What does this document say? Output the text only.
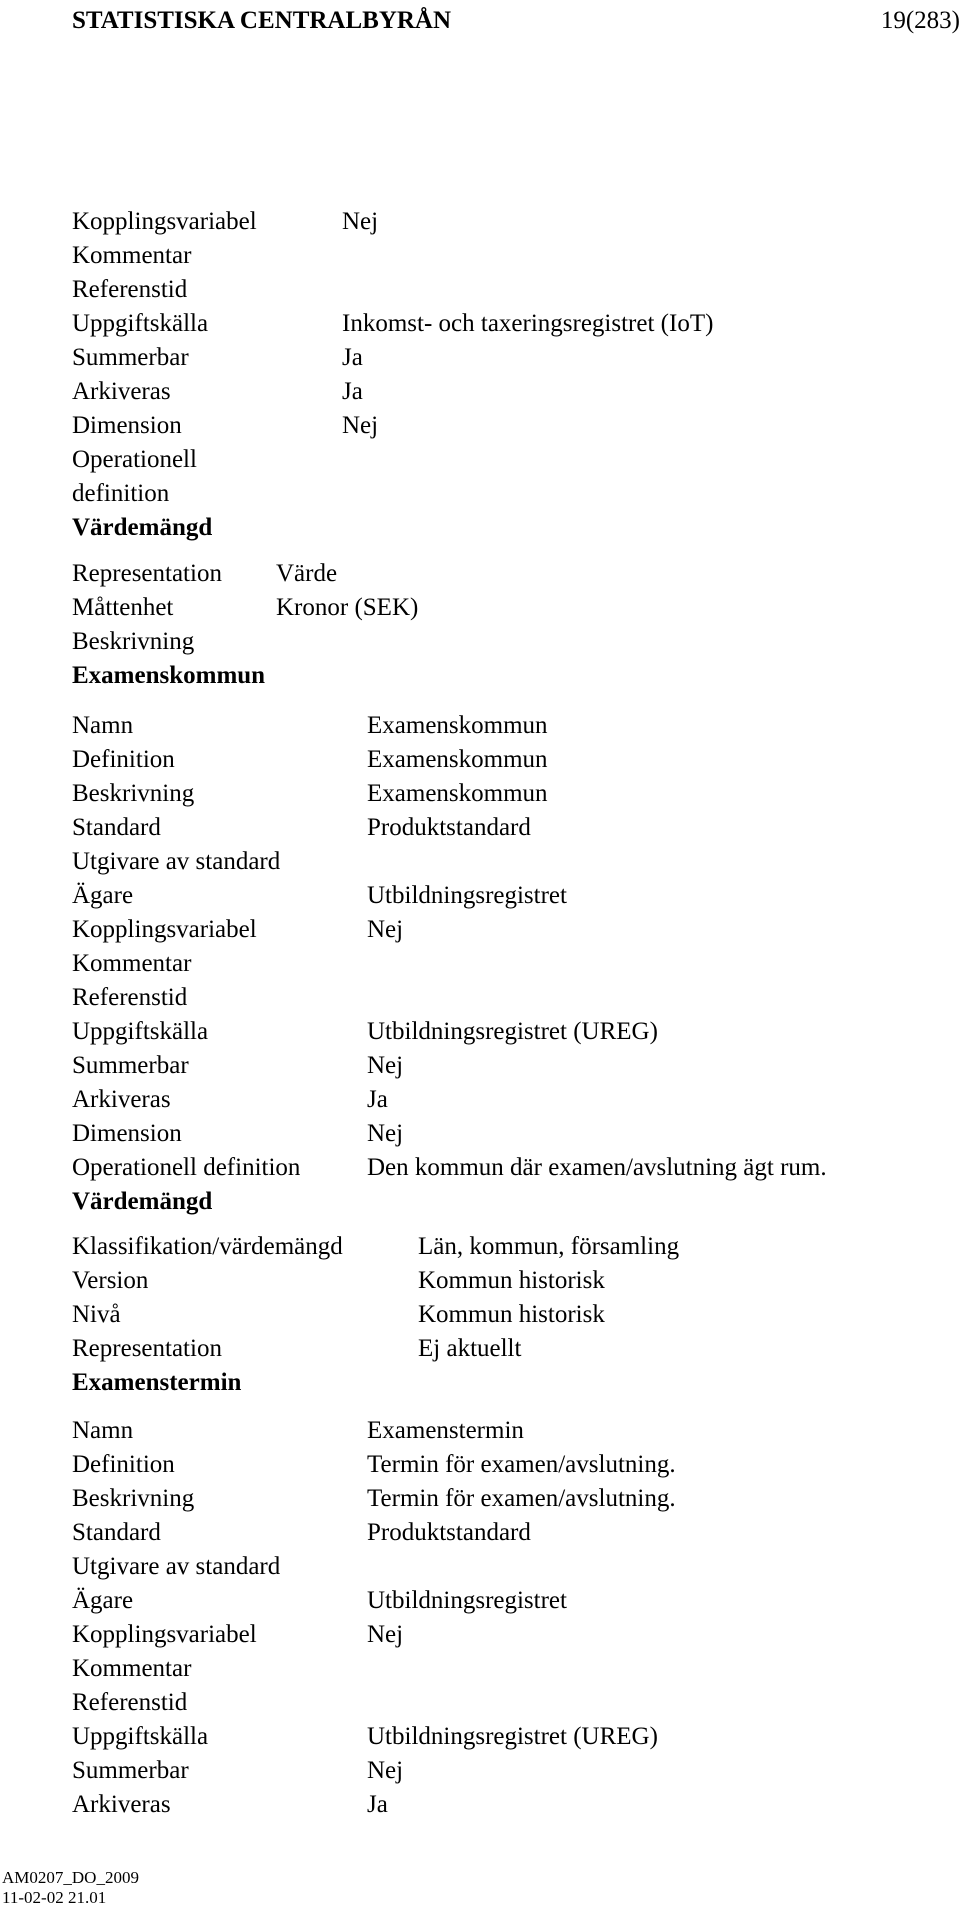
STATISTISKA CENTRALBYRÅN	19(283)
Kopplingsvariabel	Nej
Kommentar
Referenstid
Uppgiftskälla	Inkomst- och taxeringsregistret (IoT)
Summerbar	Ja
Arkiveras	Ja
Dimension	Nej
Operationell
definition
Värdemängd
Representation Värde
Måttenhet	Kronor (SEK)
Beskrivning
Examenskommun
Namn	Examenskommun
Definition	Examenskommun
Beskrivning	Examenskommun
Standard	Produktstandard
Utgivare av standard
Ägare	Utbildningsregistret
Kopplingsvariabel	Nej
Kommentar
Referenstid
Uppgiftskälla	Utbildningsregistret (UREG)
Summerbar	Nej
Arkiveras	Ja
Dimension	Nej
Operationell definition	Den kommun där examen/avslutning ägt rum.
Värdemängd
Klassifikation/värdemängd	Län, kommun, församling
Version	Kommun historisk
Nivå	Kommun historisk
Representation	Ej aktuellt
Examenstermin
Namn	Examenstermin
Definition	Termin för examen/avslutning.
Beskrivning	Termin för examen/avslutning.
Standard	Produktstandard
Utgivare av standard
Ägare	Utbildningsregistret
Kopplingsvariabel	Nej
Kommentar
Referenstid
Uppgiftskälla	Utbildningsregistret (UREG)
Summerbar	Nej
Arkiveras	Ja
AM0207_DO_2009
11-02-02 21.01
